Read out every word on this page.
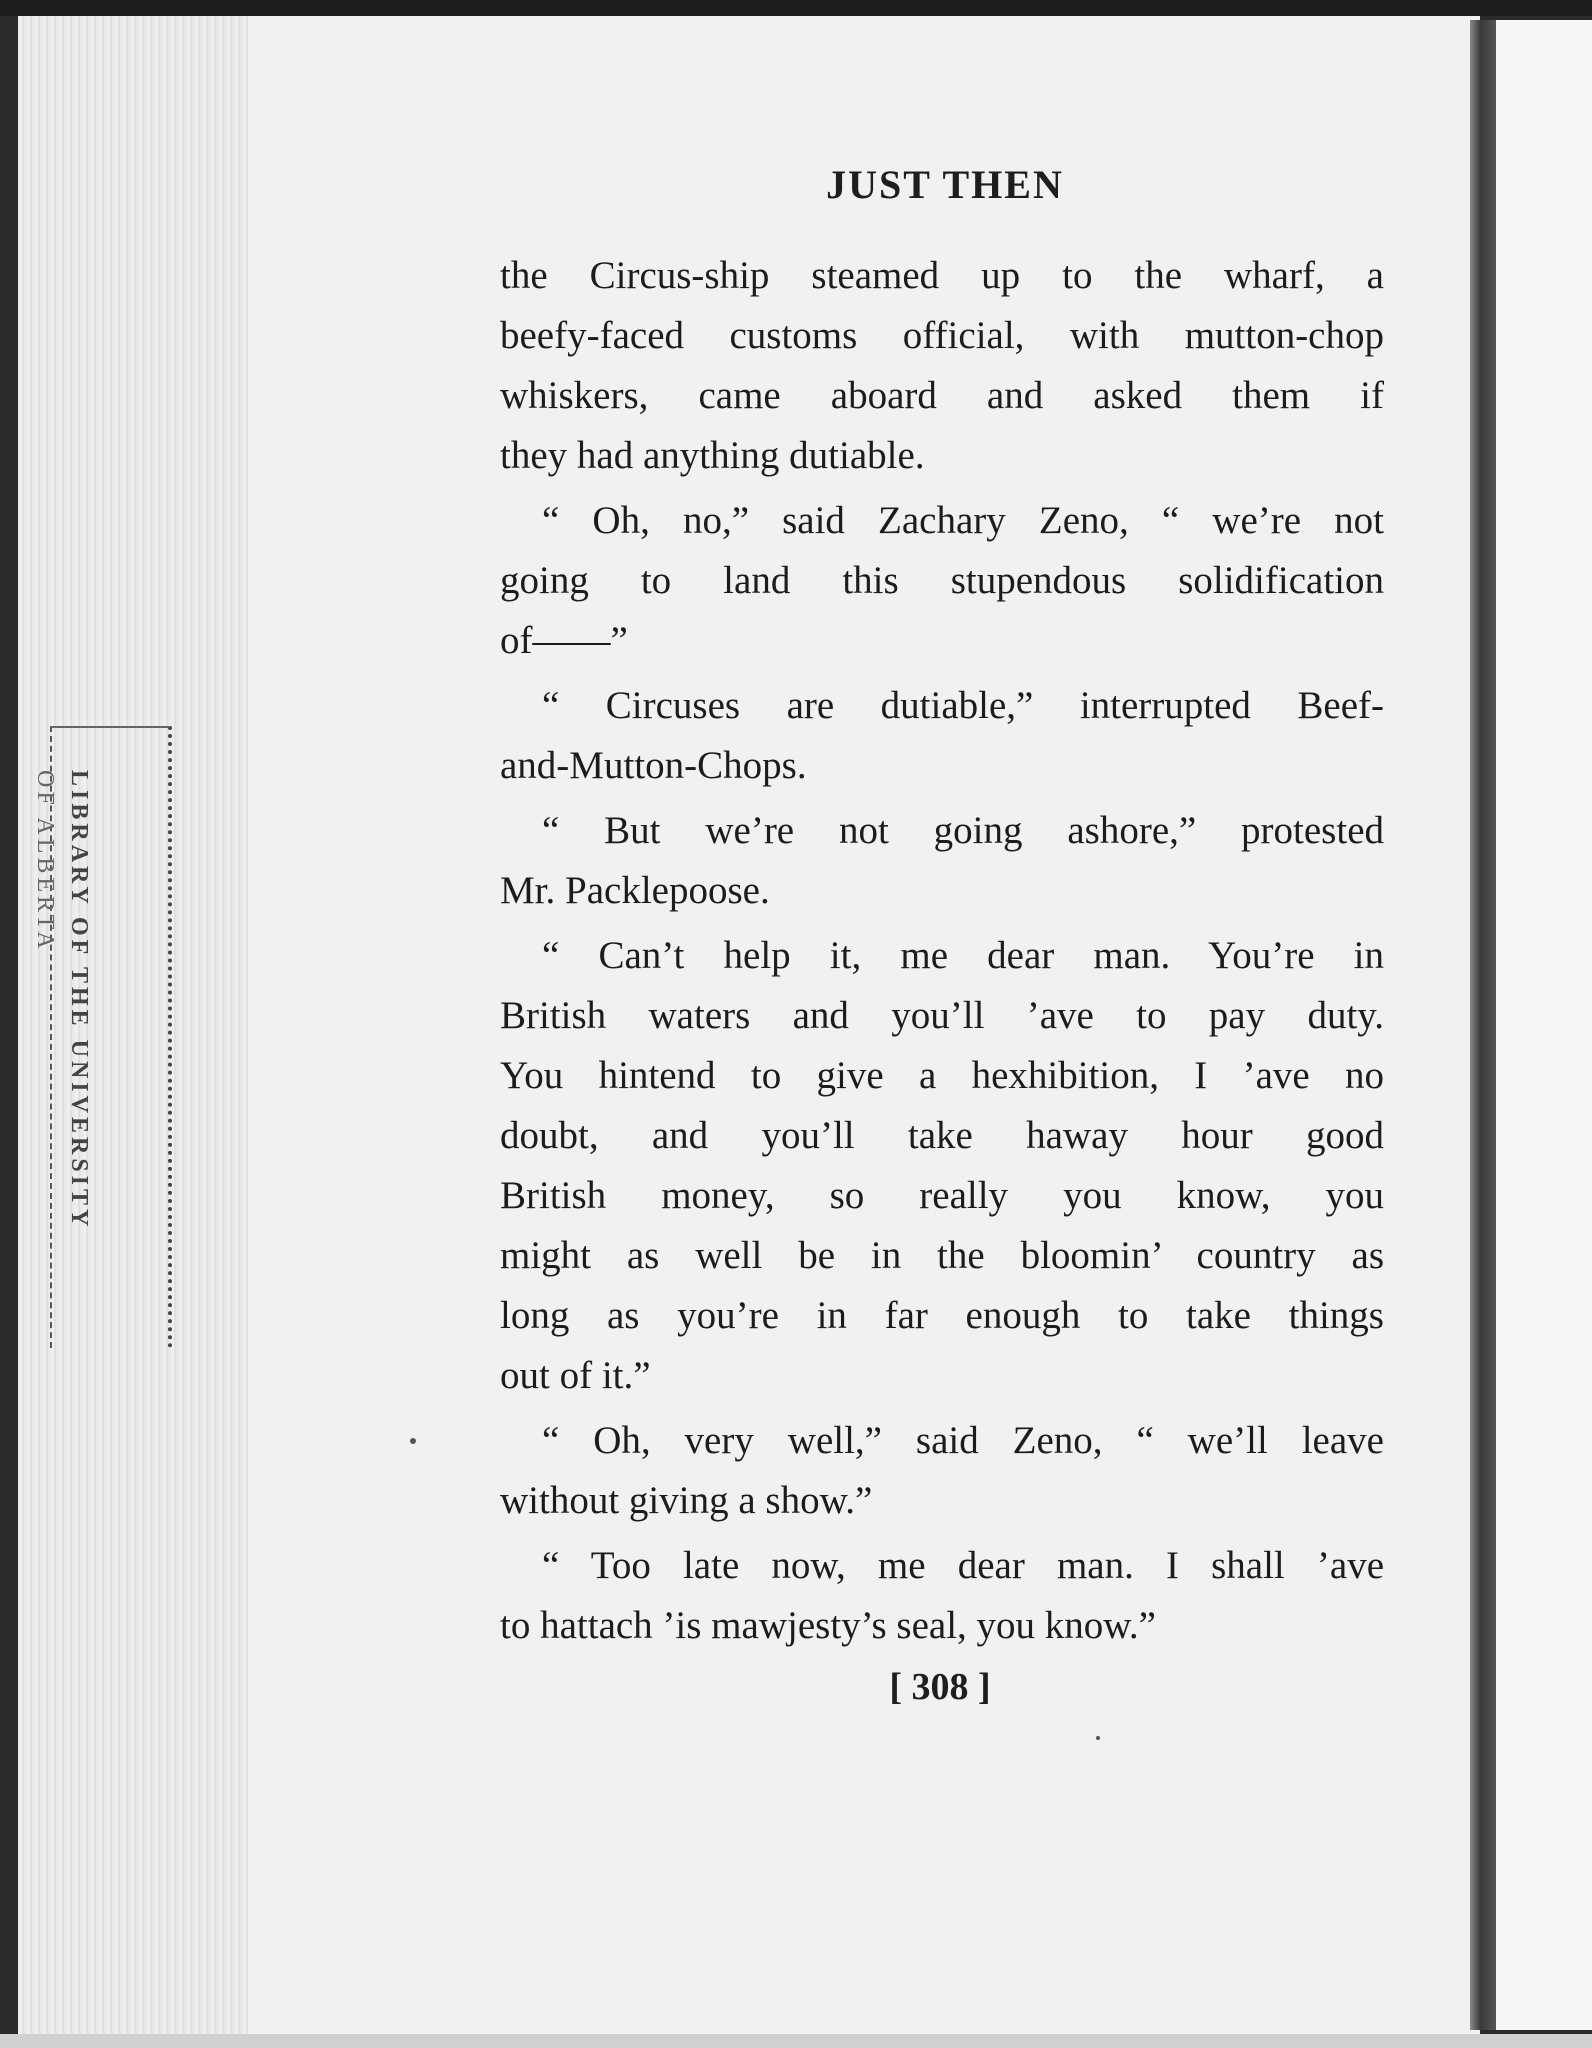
LIBRARY OF THE UNIVERSITY
OF ALBERTA
JUST THEN
the Circus-ship steamed up to the wharf, a
beefy-faced customs official, with mutton-chop
whiskers, came aboard and asked them if
they had anything dutiable.
“ Oh, no,” said Zachary Zeno, “ we’re not
going to land this stupendous solidification
of——”
“ Circuses are dutiable,” interrupted Beef-
and-Mutton-Chops.
“ But we’re not going ashore,” protested
Mr. Packlepoose.
“ Can’t help it, me dear man. You’re in
British waters and you’ll ’ave to pay duty.
You hintend to give a hexhibition, I ’ave no
doubt, and you’ll take haway hour good
British money, so really you know, you
might as well be in the bloomin’ country as
long as you’re in far enough to take things
out of it.”
“ Oh, very well,” said Zeno, “ we’ll leave
without giving a show.”
“ Too late now, me dear man. I shall ’ave
to hattach ’is mawjesty’s seal, you know.”
[ 308 ]
